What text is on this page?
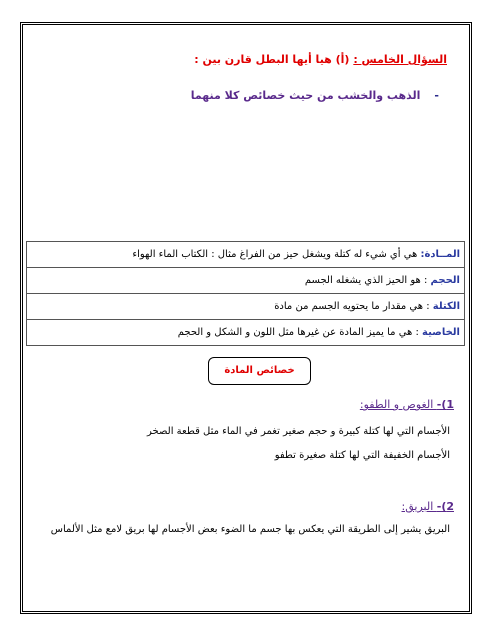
السؤال الخامس : (أ) هيا أيها البطل قارن بين :
-الذهب والخشب من حيث خصائص كلا منهما
المــادة: هي أي شيء له كتلة ويشغل حيز من الفراغ مثال : الكتاب الماء الهواء
الحجم : هو الحيز الذي يشغله الجسم
الكتلة : هي مقدار ما يحتويه الجسم من مادة
الخاصية : هي ما يميز المادة عن غيرها مثل اللون و الشكل و الحجم
خصائص المادة
1)- الغوص و الطفو:
الأجسام التي لها كتلة كبيرة و حجم صغير تغمر في الماء مثل قطعة الصخر
الأجسام الخفيفة التي لها كتلة صغيرة تطفو
2)- البريق:
البريق يشير إلى الطريقة التي يعكس بها جسم ما الضوء بعض الأجسام لها بريق لامع مثل الألماس
